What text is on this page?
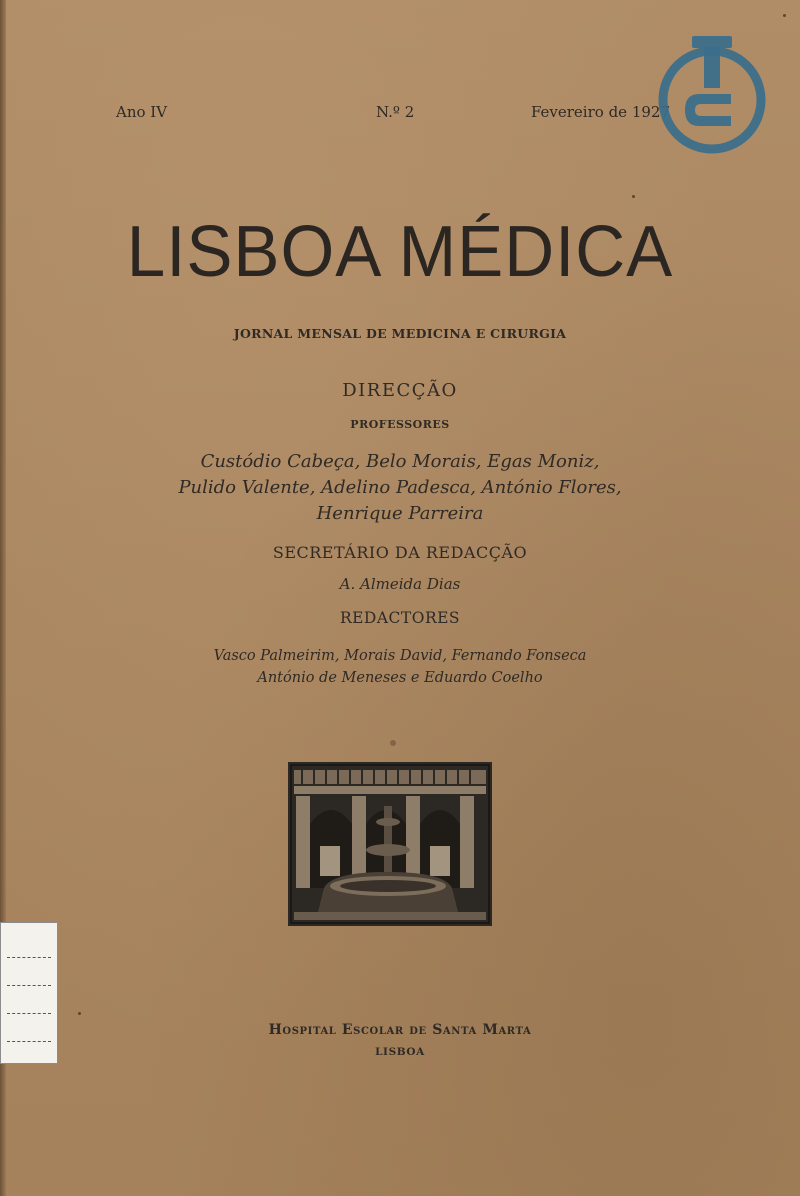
Ano IV	N.º 2	Fevereiro de 1927
LISBOA MÉDICA

JORNAL MENSAL DE MEDICINA E CIRURGIA

DIRECÇÃO

PROFESSORES

Custódio Cabeça, Belo Morais, Egas Moniz,
Pulido Valente, Adelino Padesca, António Flores,
Henrique Parreira

SECRETÁRIO DA REDACÇÃO

A. Almeida Dias

REDACTORES

Vasco Palmeirim, Morais David, Fernando Fonseca
António de Meneses e Eduardo Coelho

Hospital Escolar de Santa Marta

LISBOA
